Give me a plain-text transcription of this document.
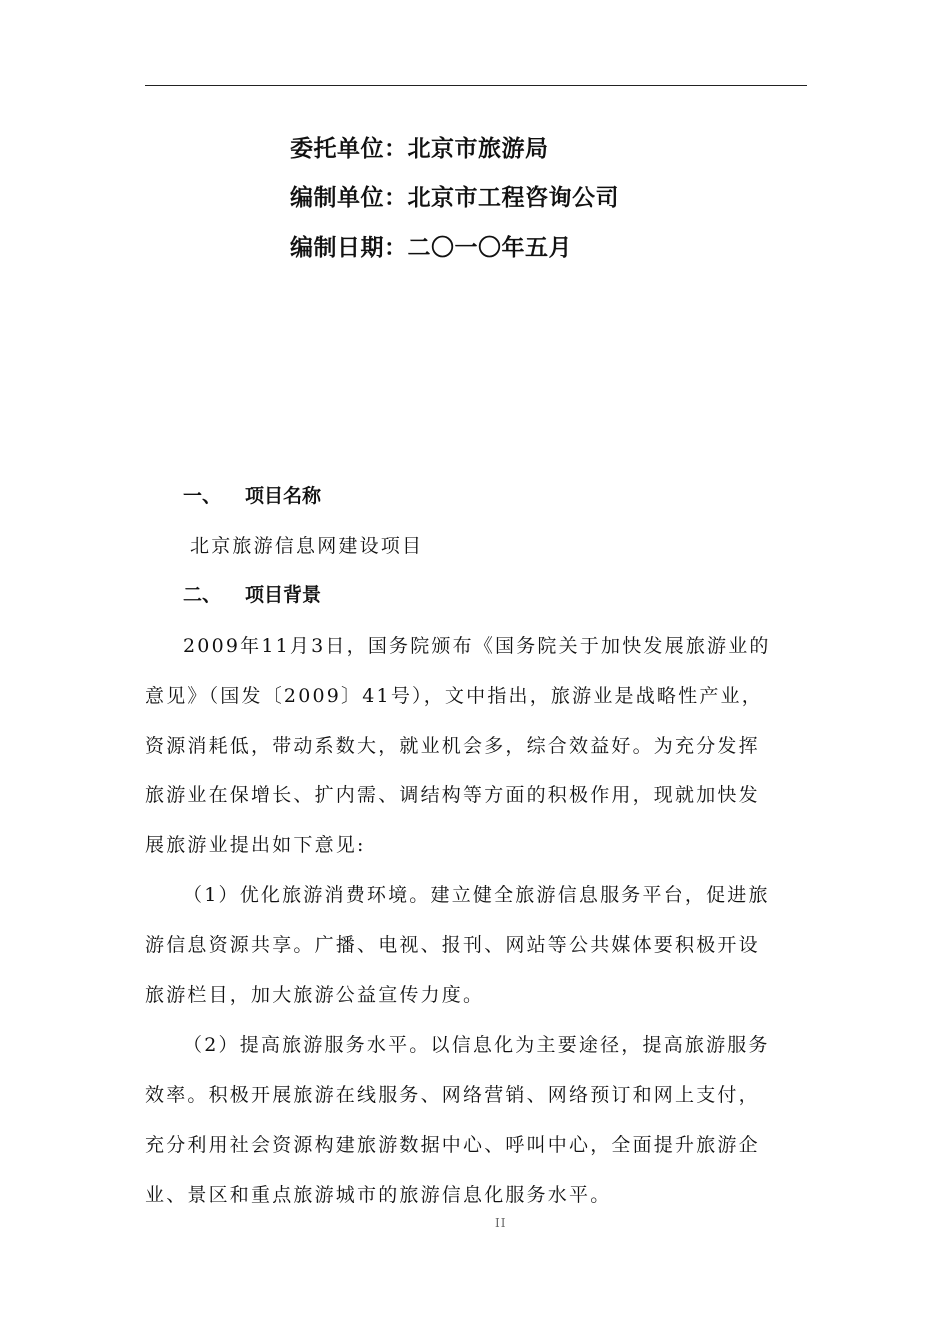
委托单位：北京市旅游局
编制单位：北京市工程咨询公司
编制日期：二〇一〇年五月
一、 项目名称
北京旅游信息网建设项目
二、 项目背景
2009年11月3日，国务院颁布《国务院关于加快发展旅游业的
意见》（国发〔2009〕41号），文中指出，旅游业是战略性产业，
资源消耗低，带动系数大，就业机会多，综合效益好。为充分发挥
旅游业在保增长、扩内需、调结构等方面的积极作用，现就加快发
展旅游业提出如下意见:
（1）优化旅游消费环境。建立健全旅游信息服务平台，促进旅
游信息资源共享。广播、电视、报刊、网站等公共媒体要积极开设
旅游栏目，加大旅游公益宣传力度。
（2）提高旅游服务水平。以信息化为主要途径，提高旅游服务
效率。积极开展旅游在线服务、网络营销、网络预订和网上支付，
充分利用社会资源构建旅游数据中心、呼叫中心，全面提升旅游企
业、景区和重点旅游城市的旅游信息化服务水平。
II
